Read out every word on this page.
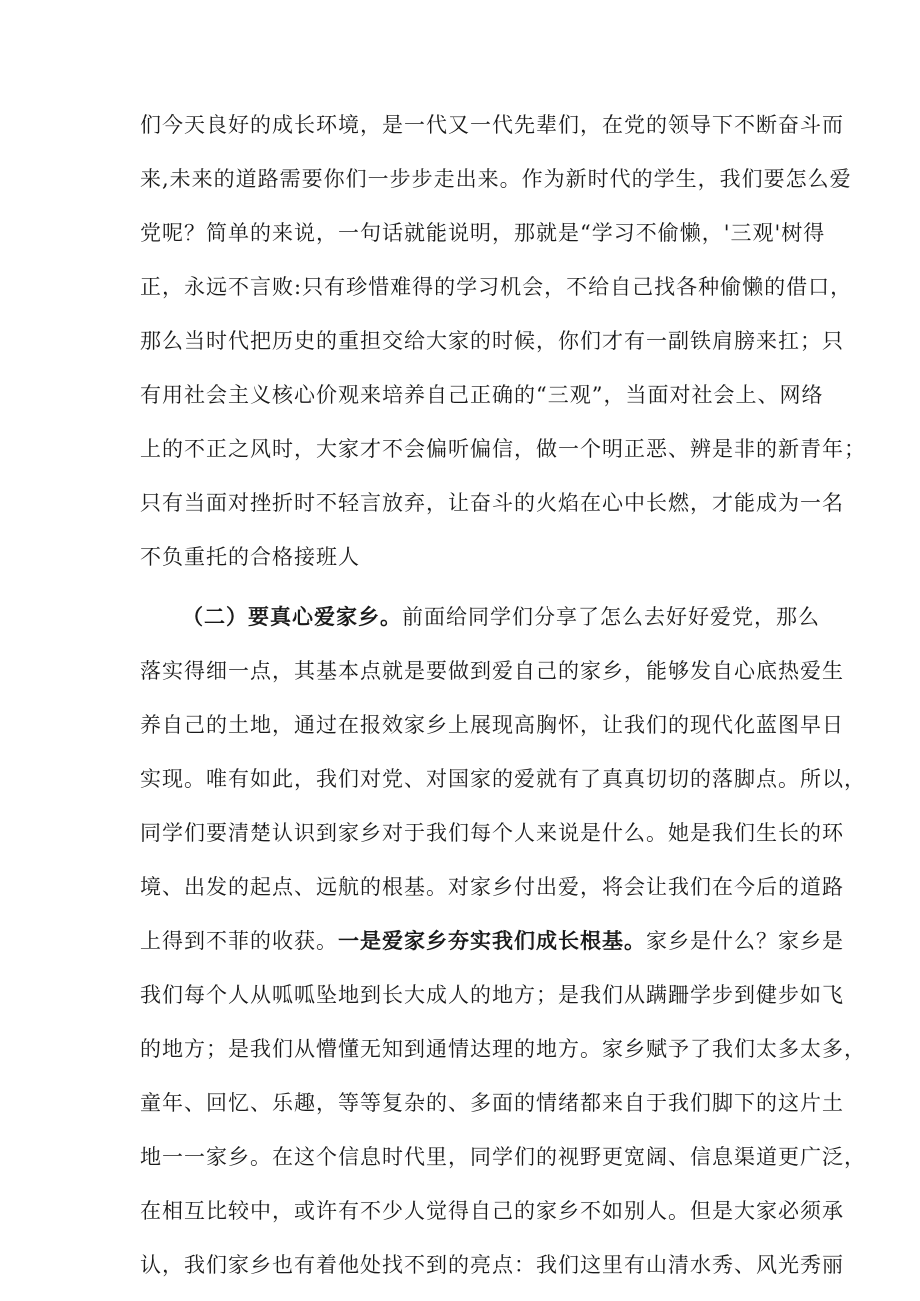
们今天良好的成长环境，是一代又一代先辈们，在党的领导下不断奋斗而
来,未来的道路需要你们一步步走出来。作为新时代的学生，我们要怎么爱
党呢？简单的来说，一句话就能说明，那就是“学习不偷懒，'三观'树得
正，永远不言败:只有珍惜难得的学习机会，不给自己找各种偷懒的借口，
那么当时代把历史的重担交给大家的时候，你们才有一副铁肩膀来扛；只
有用社会主义核心价观来培养自己正确的“三观”，当面对社会上、网络
上的不正之风时，大家才不会偏听偏信，做一个明正恶、辨是非的新青年；
只有当面对挫折时不轻言放弃，让奋斗的火焰在心中长燃，才能成为一名
不负重托的合格接班人
（二）要真心爱家乡。前面给同学们分享了怎么去好好爱党，那么
落实得细一点，其基本点就是要做到爱自己的家乡，能够发自心底热爱生
养自己的土地，通过在报效家乡上展现高胸怀，让我们的现代化蓝图早日
实现。唯有如此，我们对党、对国家的爱就有了真真切切的落脚点。所以，
同学们要清楚认识到家乡对于我们每个人来说是什么。她是我们生长的环
境、出发的起点、远航的根基。对家乡付出爱，将会让我们在今后的道路
上得到不菲的收获。一是爱家乡夯实我们成长根基。家乡是什么？家乡是
我们每个人从呱呱坠地到长大成人的地方；是我们从蹒跚学步到健步如飞
的地方；是我们从懵懂无知到通情达理的地方。家乡赋予了我们太多太多，
童年、回忆、乐趣，等等复杂的、多面的情绪都来自于我们脚下的这片土
地一一家乡。在这个信息时代里，同学们的视野更宽阔、信息渠道更广泛，
在相互比较中，或许有不少人觉得自己的家乡不如别人。但是大家必须承
认，我们家乡也有着他处找不到的亮点：我们这里有山清水秀、风光秀丽
